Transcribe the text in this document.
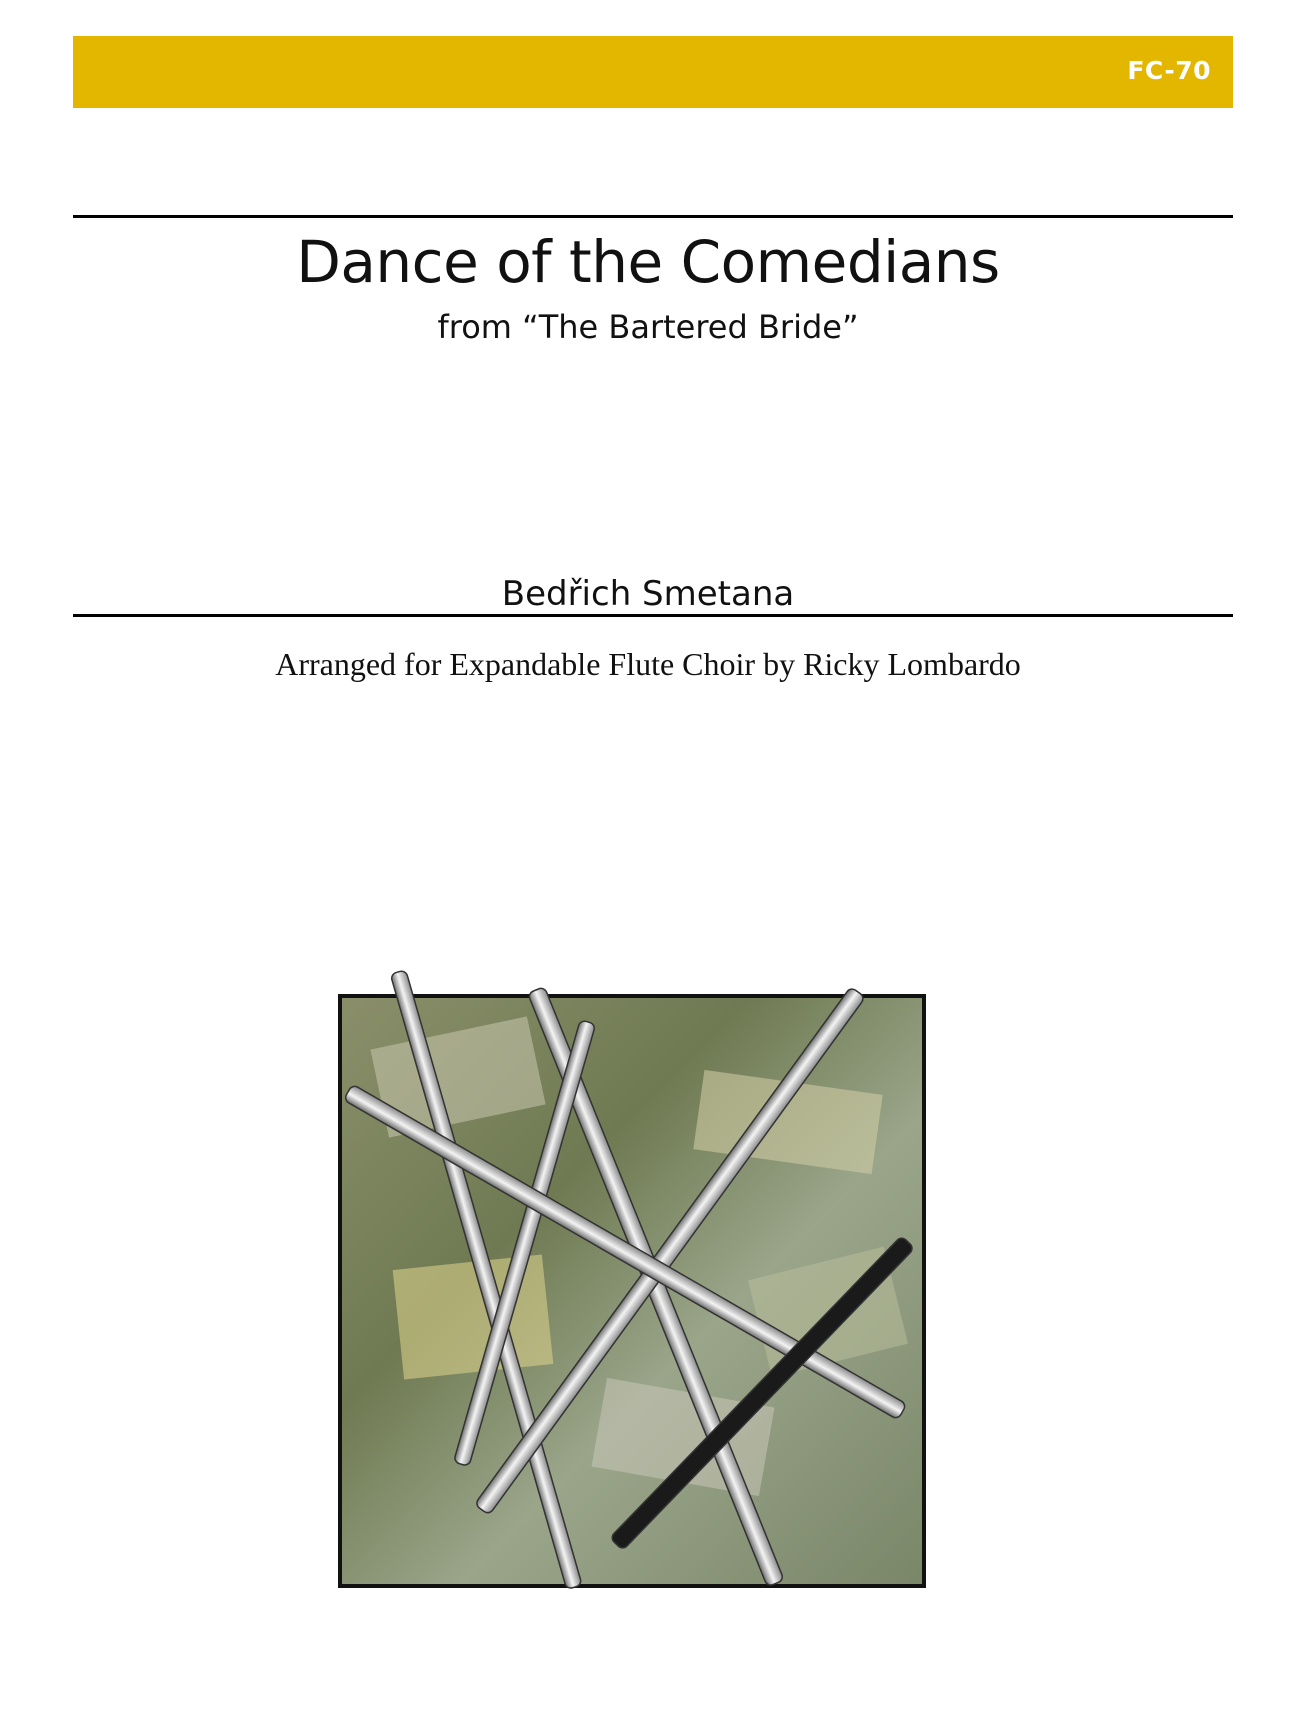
FC-70
Dance of the Comedians
from “The Bartered Bride”
Bedřich Smetana
Arranged for Expandable Flute Choir by Ricky Lombardo
